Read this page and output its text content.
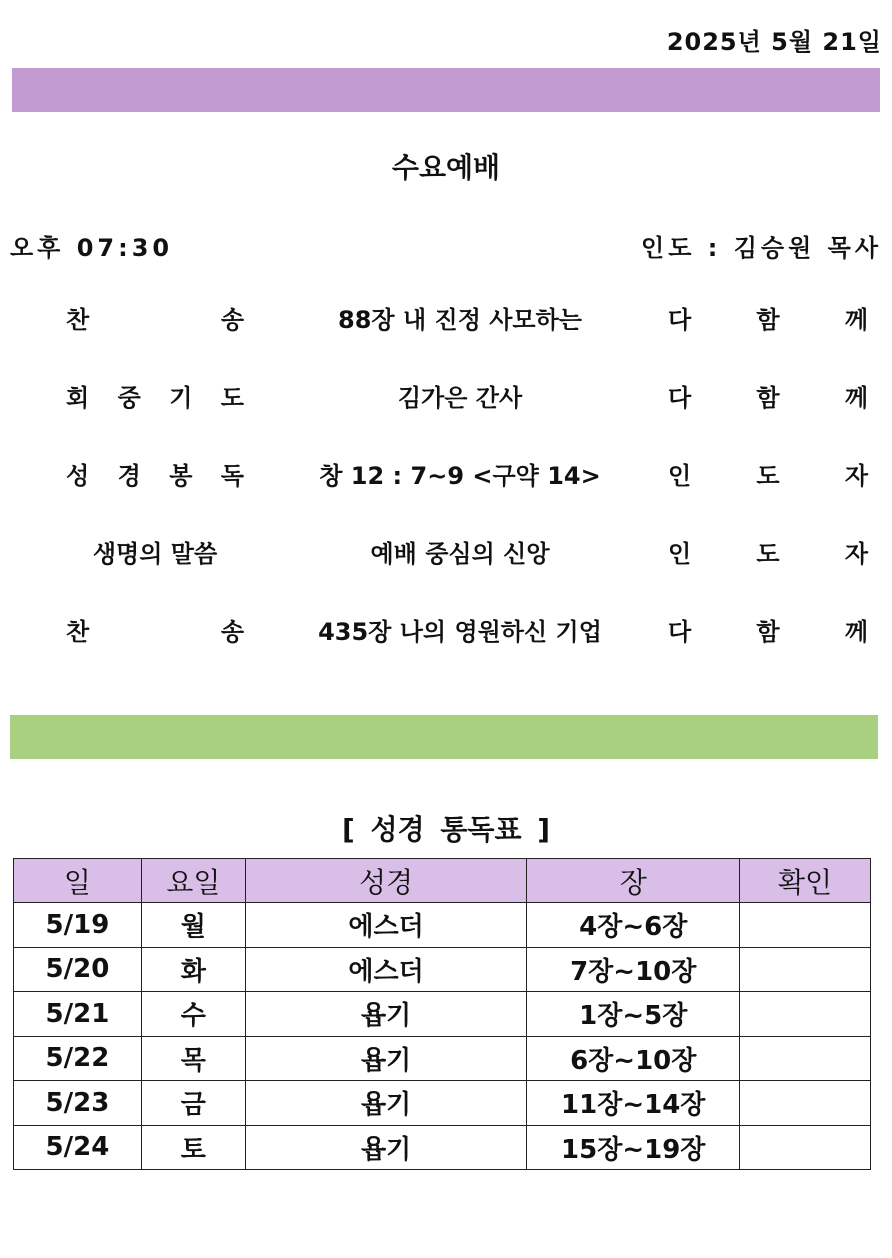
2025년 5월 21일
수요예배
오후 07:30	인도 : 김승원 목사
찬	송	88장 내 진정 사모하는	다	함	께
회 중 기 도	김가은 간사	다	함	께
성 경 봉 독	창 12 : 7~9 <구약 14>	인	도	자
생명의 말씀	예배 중심의 신앙	인	도	자
찬	송	435장 나의 영원하신 기업	다	함	께
[ 성경 통독표 ]
일	요일	성경	장	확인
5/19	월	에스더	4장~6장	
5/20	화	에스더	7장~10장	
5/21	수	욥기	1장~5장	
5/22	목	욥기	6장~10장	
5/23	금	욥기	11장~14장	
5/24	토	욥기	15장~19장	
